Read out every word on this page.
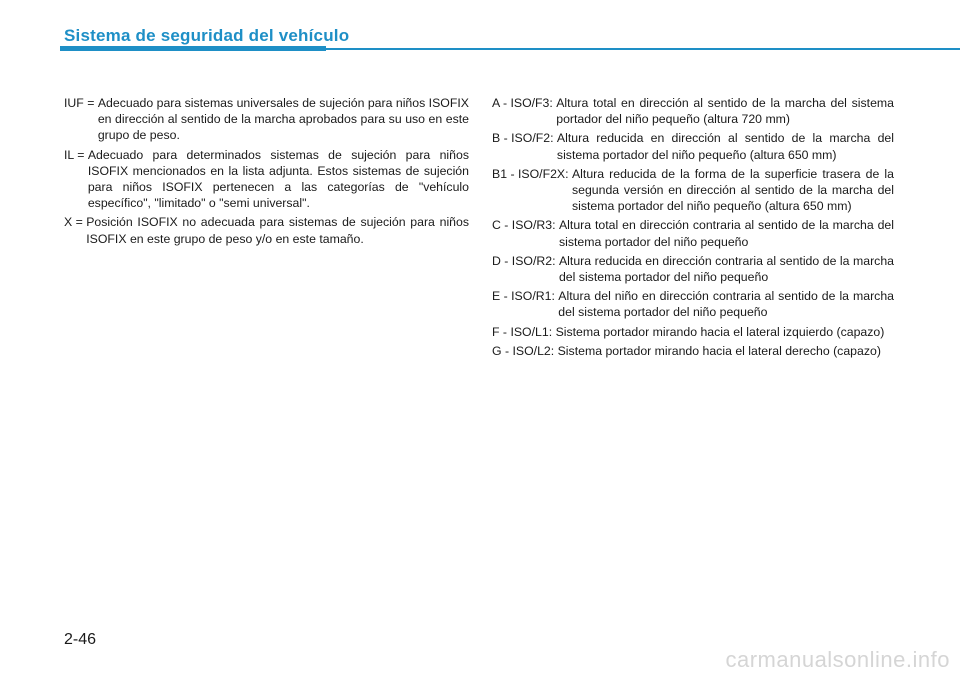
Sistema de seguridad del vehículo
IUF = Adecuado para sistemas universales de sujeción para niños ISOFIX en dirección al sentido de la marcha aprobados para su uso en este grupo de peso.
IL = Adecuado para determinados sistemas de sujeción para niños ISOFIX mencionados en la lista adjunta. Estos sistemas de sujeción para niños ISOFIX pertenecen a las categorías de "vehículo específico", "limitado" o "semi universal".
X = Posición ISOFIX no adecuada para sistemas de sujeción para niños ISOFIX en este grupo de peso y/o en este tamaño.
A - ISO/F3: Altura total en dirección al sentido de la marcha del sistema portador del niño pequeño (altura 720 mm)
B - ISO/F2: Altura reducida en dirección al sentido de la marcha del sistema portador del niño pequeño (altura 650 mm)
B1 - ISO/F2X: Altura reducida de la forma de la superficie trasera de la segunda versión en dirección al sentido de la marcha del sistema portador del niño pequeño (altura 650 mm)
C - ISO/R3: Altura total en dirección contraria al sentido de la marcha del sistema portador del niño pequeño
D - ISO/R2: Altura reducida en dirección contraria al sentido de la marcha del sistema portador del niño pequeño
E - ISO/R1: Altura del niño en dirección contraria al sentido de la marcha del sistema portador del niño pequeño
F - ISO/L1: Sistema portador mirando hacia el lateral izquierdo (capazo)
G - ISO/L2: Sistema portador mirando hacia el lateral derecho (capazo)
2-46
carmanualsonline.info
